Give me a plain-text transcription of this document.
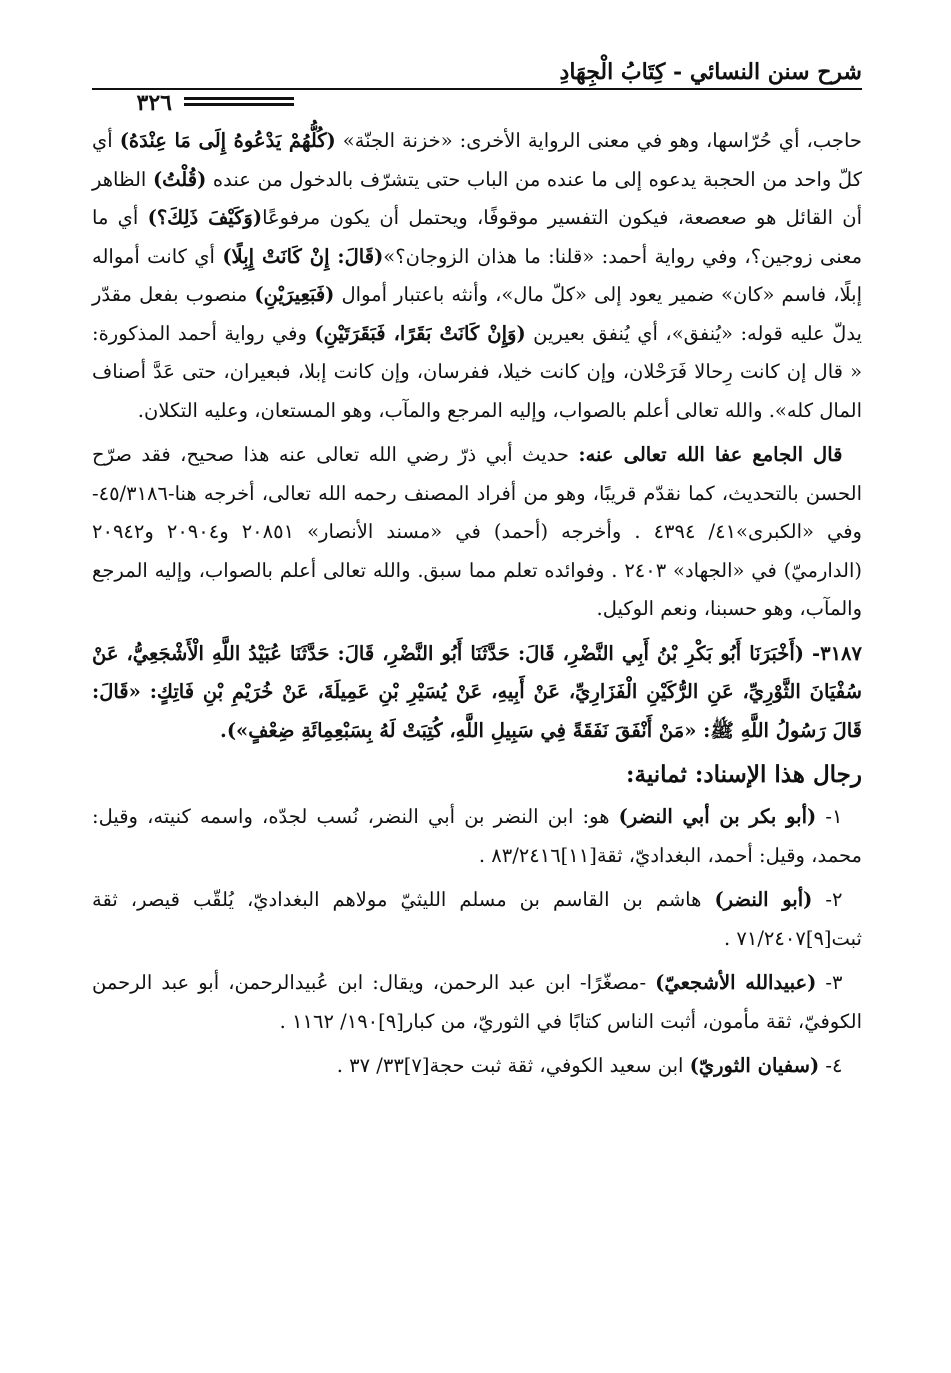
شرح سنن النسائي - كِتَابُ الْجِهَادِ
٣٢٦

حاجب، أي حُرّاسها، وهو في معنى الرواية الأخرى: «خزنة الجنّة» (كُلُّهُمْ يَدْعُوهُ إِلَى مَا عِنْدَهُ) أي كلّ واحد من الحجبة يدعوه إلى ما عنده من الباب حتى يتشرّف بالدخول من عنده (قُلْتُ) الظاهر أن القائل هو صعصعة، فيكون التفسير موقوفًا، ويحتمل أن يكون مرفوعًا(وَكَيْفَ ذَلِكَ؟) أي ما معنى زوجين؟، وفي رواية أحمد: «قلنا: ما هذان الزوجان؟»(قَالَ: إِنْ كَانَتْ إِبِلًا) أي كانت أمواله إبلًا، فاسم «كان» ضمير يعود إلى «كلّ مال»، وأنثه باعتبار أموال (فَبَعِيرَيْنِ) منصوب بفعل مقدّر يدلّ عليه قوله: «يُنفق»، أي يُنفق بعيرين (وَإِنْ كَانَتْ بَقَرًا، فَبَقَرَتَيْنِ) وفي رواية أحمد المذكورة: « قال إن كانت رِحالا فَرَحْلان، وإن كانت خيلا، ففرسان، وإن كانت إبلا، فبعيران، حتى عَدَّ أصناف المال كله». والله تعالى أعلم بالصواب، وإليه المرجع والمآب، وهو المستعان، وعليه التكلان.

 قال الجامع عفا الله تعالى عنه: حديث أبي ذرّ رضي الله تعالى عنه هذا صحيح، فقد صرّح الحسن بالتحديث، كما نقدّم قريبًا، وهو من أفراد المصنف رحمه الله تعالى، أخرجه هنا-٤٥/٣١٨٦- وفي «الكبرى»٤١/ ٤٣٩٤ . وأخرجه (أحمد) في «مسند الأنصار» ٢٠٨٥١ و٢٠٩٠٤ و٢٠٩٤٢ (الدارميّ) في «الجهاد» ٢٤٠٣ . وفوائده تعلم مما سبق. والله تعالى أعلم بالصواب، وإليه المرجع والمآب، وهو حسبنا، ونعم الوكيل.

٣١٨٧- (أَخْبَرَنَا أَبُو بَكْرِ بْنُ أَبِي النَّضْرِ، قَالَ: حَدَّثَنَا أَبُو النَّضْرِ، قَالَ: حَدَّثَنَا عُبَيْدُ اللَّهِ الْأَشْجَعِيُّ، عَنْ سُفْيَانَ الثَّوْرِيِّ، عَنِ الرُّكَيْنِ الْفَزَارِيِّ، عَنْ أَبِيهِ، عَنْ يُسَيْرِ بْنِ عَمِيلَةَ، عَنْ خُرَيْمِ بْنِ فَاتِكٍ: «قَالَ: قَالَ رَسُولُ اللَّهِ ﷺ: «مَنْ أَنْفَقَ نَفَقَةً فِي سَبِيلِ اللَّهِ، كُتِبَتْ لَهُ بِسَبْعِمِائَةِ ضِعْفٍ»).

رجال هذا الإسناد: ثمانية:

 ١- (أبو بكر بن أبي النضر) هو: ابن النضر بن أبي النضر، نُسب لجدّه، واسمه كنيته، وقيل: محمد، وقيل: أحمد، البغداديّ، ثقة[١١]٨٣/٢٤١٦ .

 ٢- (أبو النضر) هاشم بن القاسم بن مسلم الليثيّ مولاهم البغداديّ، يُلقّب قيصر، ثقة ثبت[٩]٧١/٢٤٠٧ .

 ٣- (عبيدالله الأشجعيّ) -مصغّرًا- ابن عبد الرحمن، ويقال: ابن عُبيدالرحمن، أبو عبد الرحمن الكوفيّ، ثقة مأمون، أثبت الناس كتابًا في الثوريّ، من كبار[٩]١٩٠/ ١١٦٢ .

 ٤- (سفيان الثوريّ) ابن سعيد الكوفي، ثقة ثبت حجة[٧]٣٣/ ٣٧ .
